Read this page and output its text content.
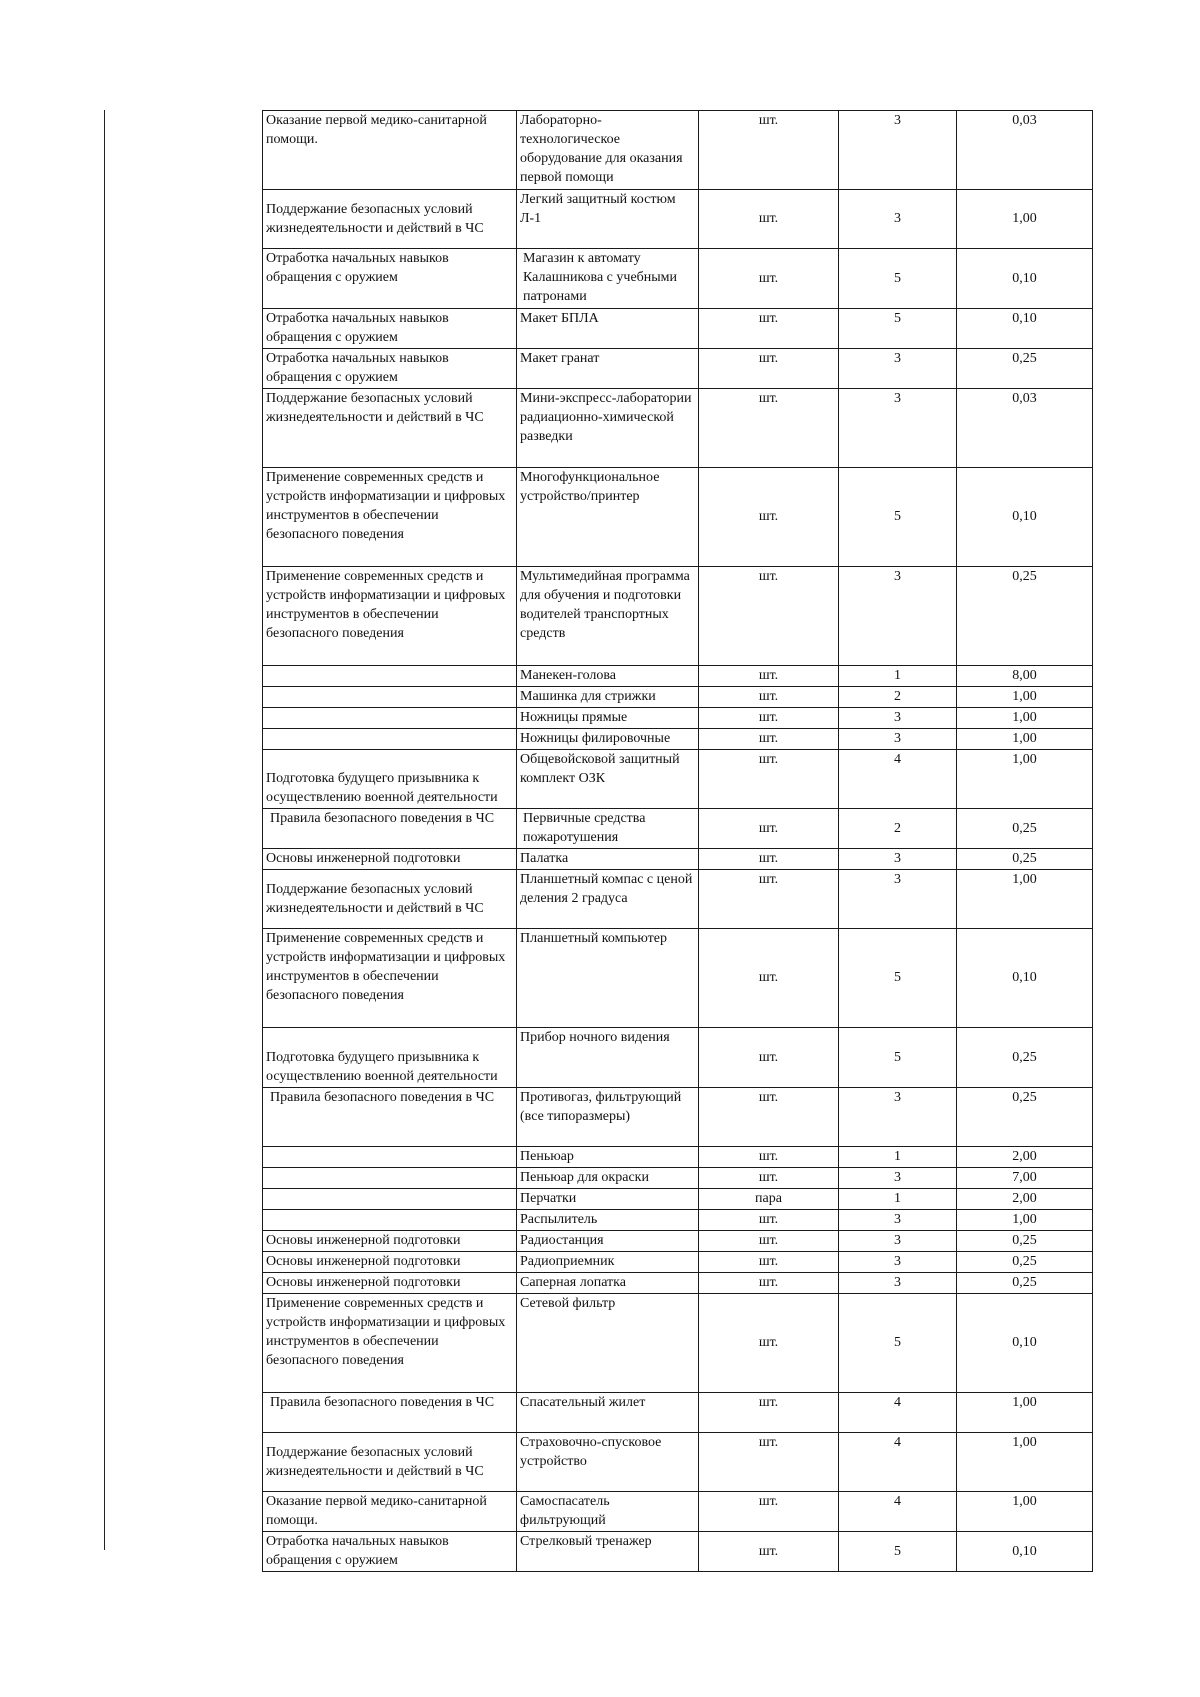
Оказание первой медико-санитарной помощи.	Лабораторно-технологическое оборудование для оказания первой помощи	шт.	3	0,03
Поддержание безопасных условий жизнедеятельности и действий в ЧС	Легкий защитный костюм Л-1	шт.	3	1,00
Отработка начальных навыков обращения с оружием	Магазин к автомату Калашникова с учебными патронами	шт.	5	0,10
Отработка начальных навыков обращения с оружием	Макет БПЛА	шт.	5	0,10
Отработка начальных навыков обращения с оружием	Макет гранат	шт.	3	0,25
Поддержание безопасных условий жизнедеятельности и действий в ЧС	Мини-экспресс-лаборатории радиационно-химической разведки	шт.	3	0,03
Применение современных средств и устройств информатизации и цифровых инструментов в обеспечении безопасного поведения	Многофункциональное устройство/принтер	шт.	5	0,10
Применение современных средств и устройств информатизации и цифровых инструментов в обеспечении безопасного поведения	Мультимедийная программа для обучения и подготовки водителей транспортных средств	шт.	3	0,25
	Манекен-голова	шт.	1	8,00
	Машинка для стрижки	шт.	2	1,00
	Ножницы прямые	шт.	3	1,00
	Ножницы филировочные	шт.	3	1,00
Подготовка будущего призывника к осуществлению военной деятельности	Общевойсковой защитный комплект ОЗК	шт.	4	1,00
Правила безопасного поведения в ЧС	Первичные средства пожаротушения	шт.	2	0,25
Основы инженерной подготовки	Палатка	шт.	3	0,25
Поддержание безопасных условий жизнедеятельности и действий в ЧС	Планшетный компас с ценой деления 2 градуса	шт.	3	1,00
Применение современных средств и устройств информатизации и цифровых инструментов в обеспечении безопасного поведения	Планшетный компьютер	шт.	5	0,10
Подготовка будущего призывника к осуществлению военной деятельности	Прибор ночного видения	шт.	5	0,25
Правила безопасного поведения в ЧС	Противогаз, фильтрующий (все типоразмеры)	шт.	3	0,25
	Пеньюар	шт.	1	2,00
	Пеньюар для окраски	шт.	3	7,00
	Перчатки	пара	1	2,00
	Распылитель	шт.	3	1,00
Основы инженерной подготовки	Радиостанция	шт.	3	0,25
Основы инженерной подготовки	Радиоприемник	шт.	3	0,25
Основы инженерной подготовки	Саперная лопатка	шт.	3	0,25
Применение современных средств и устройств информатизации и цифровых инструментов в обеспечении безопасного поведения	Сетевой фильтр	шт.	5	0,10
Правила безопасного поведения в ЧС	Спасательный жилет	шт.	4	1,00
Поддержание безопасных условий жизнедеятельности и действий в ЧС	Страховочно-спусковое устройство	шт.	4	1,00
Оказание первой медико-санитарной помощи.	Самоспасатель фильтрующий	шт.	4	1,00
Отработка начальных навыков обращения с оружием	Стрелковый тренажер	шт.	5	0,10
